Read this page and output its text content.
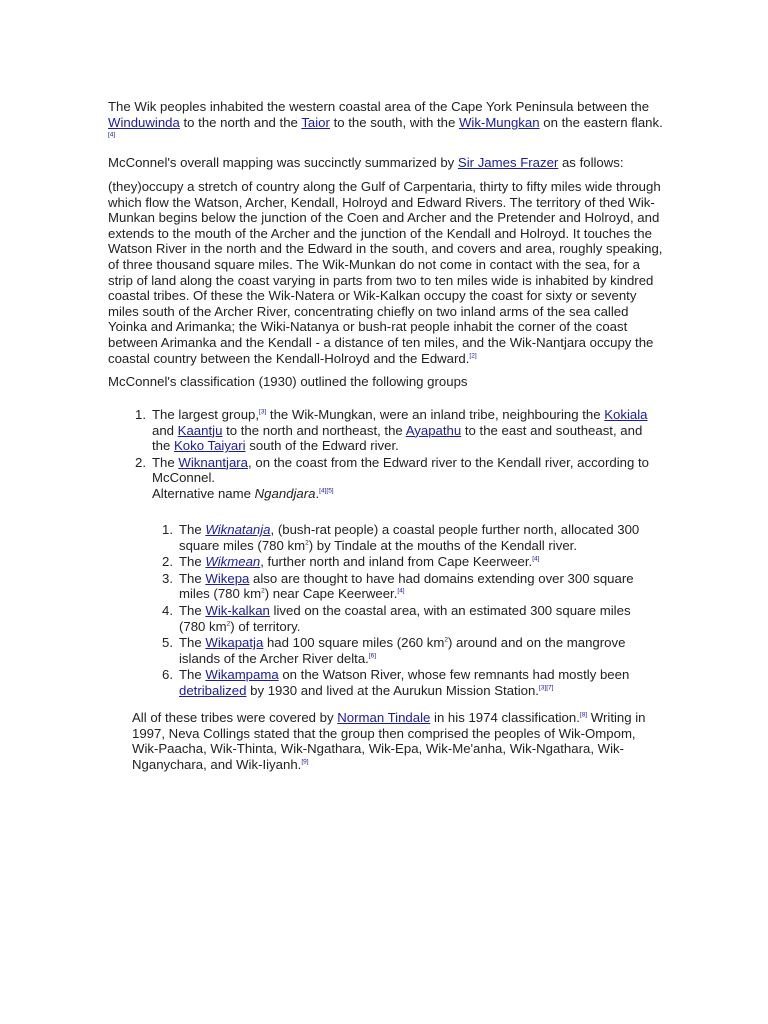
The Wik peoples inhabited the western coastal area of the Cape York Peninsula between the Winduwinda to the north and the Taior to the south, with the Wik-Mungkan on the eastern flank.[4]

McConnel's overall mapping was succinctly summarized by Sir James Frazer as follows:

(they)occupy a stretch of country along the Gulf of Carpentaria, thirty to fifty miles wide through which flow the Watson, Archer, Kendall, Holroyd and Edward Rivers. The territory of thed Wik-Munkan begins below the junction of the Coen and Archer and the Pretender and Holroyd, and extends to the mouth of the Archer and the junction of the Kendall and Holroyd. It touches the Watson River in the north and the Edward in the south, and covers and area, roughly speaking, of three thousand square miles. The Wik-Munkan do not come in contact with the sea, for a strip of land along the coast varying in parts from two to ten miles wide is inhabited by kindred coastal tribes. Of these the Wik-Natera or Wik-Kalkan occupy the coast for sixty or seventy miles south of the Archer River, concentrating chiefly on two inland arms of the sea called Yoinka and Arimanka; the Wiki-Natanya or bush-rat people inhabit the corner of the coast between Arimanka and the Kendall - a distance of ten miles, and the Wik-Nantjara occupy the coastal country between the Kendall-Holroyd and the Edward.[2]

McConnel's classification (1930) outlined the following groups

1. The largest group,[3] the Wik-Mungkan, were an inland tribe, neighbouring the Kokiala and Kaantju to the north and northeast, the Ayapathu to the east and southeast, and the Koko Taiyari south of the Edward river.
2. The Wiknantjara, on the coast from the Edward river to the Kendall river, according to McConnel.
Alternative name Ngandjara.[4][5]
1. The Wiknatanja, (bush-rat people) a coastal people further north, allocated 300 square miles (780 $km^2$) by Tindale at the mouths of the Kendall river.
2. The Wikmean, further north and inland from Cape Keerweer.[4]
3. The Wikepa also are thought to have had domains extending over 300 square miles (780 $km^2$) near Cape Keerweer.[4]
4. The Wik-kalkan lived on the coastal area, with an estimated 300 square miles (780 $km^2$) of territory.
5. The Wikapatja had 100 square miles (260 $km^2$) around and on the mangrove islands of the Archer River delta.[6]
6. The Wikampama on the Watson River, whose few remnants had mostly been detribalized by 1930 and lived at the Aurukun Mission Station.[3][7]

All of these tribes were covered by Norman Tindale in his 1974 classification.[8] Writing in 1997, Neva Collings stated that the group then comprised the peoples of Wik-Ompom, Wik-Paacha, Wik-Thinta, Wik-Ngathara, Wik-Epa, Wik-Me'anha, Wik-Ngathara, Wik-Nganychara, and Wik-Iiyanh.[9]
